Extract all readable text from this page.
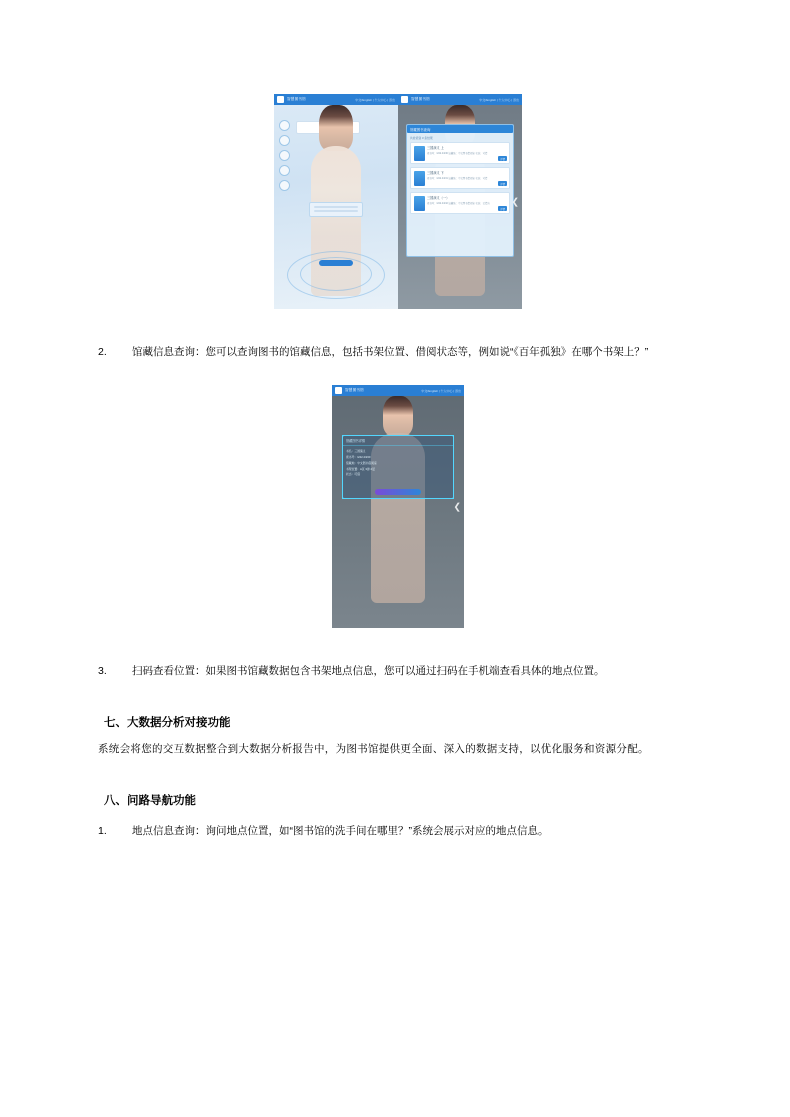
智慧图书馆	中文/English | 个人中心 | 退出	智慧图书馆	中文/English | 个人中心 | 退出
馆藏图书查询
共检索到 3 条结果
三国演义 上
索书号：I242.4/230 馆藏地：中文图书借阅室 状态：可借
详情
三国演义 下
索书号：I242.4/231 馆藏地：中文图书借阅室 状态：可借
详情
三国演义（一）
索书号：I242.4/232 馆藏地：中文图书借阅室 状态：已借出
详情
❮
2.	馆藏信息查询：您可以查询图书的馆藏信息，包括书架位置、借阅状态等，例如说“《百年孤独》在哪个书架上？”
智慧图书馆	中文/English | 个人中心 | 退出
馆藏图书详情
书名：三国演义
索书号：I242.4/230
馆藏地：中文图书借阅室
书架位置：A区 3排 2层
状态：可借
❮
3.	扫码查看位置：如果图书馆藏数据包含书架地点信息，您可以通过扫码在手机端查看具体的地点位置。
七、大数据分析对接功能
系统会将您的交互数据整合到大数据分析报告中，为图书馆提供更全面、深入的数据支持，以优化服务和资源分配。
八、问路导航功能
1.	地点信息查询：询问地点位置，如“图书馆的洗手间在哪里？”系统会展示对应的地点信息。
